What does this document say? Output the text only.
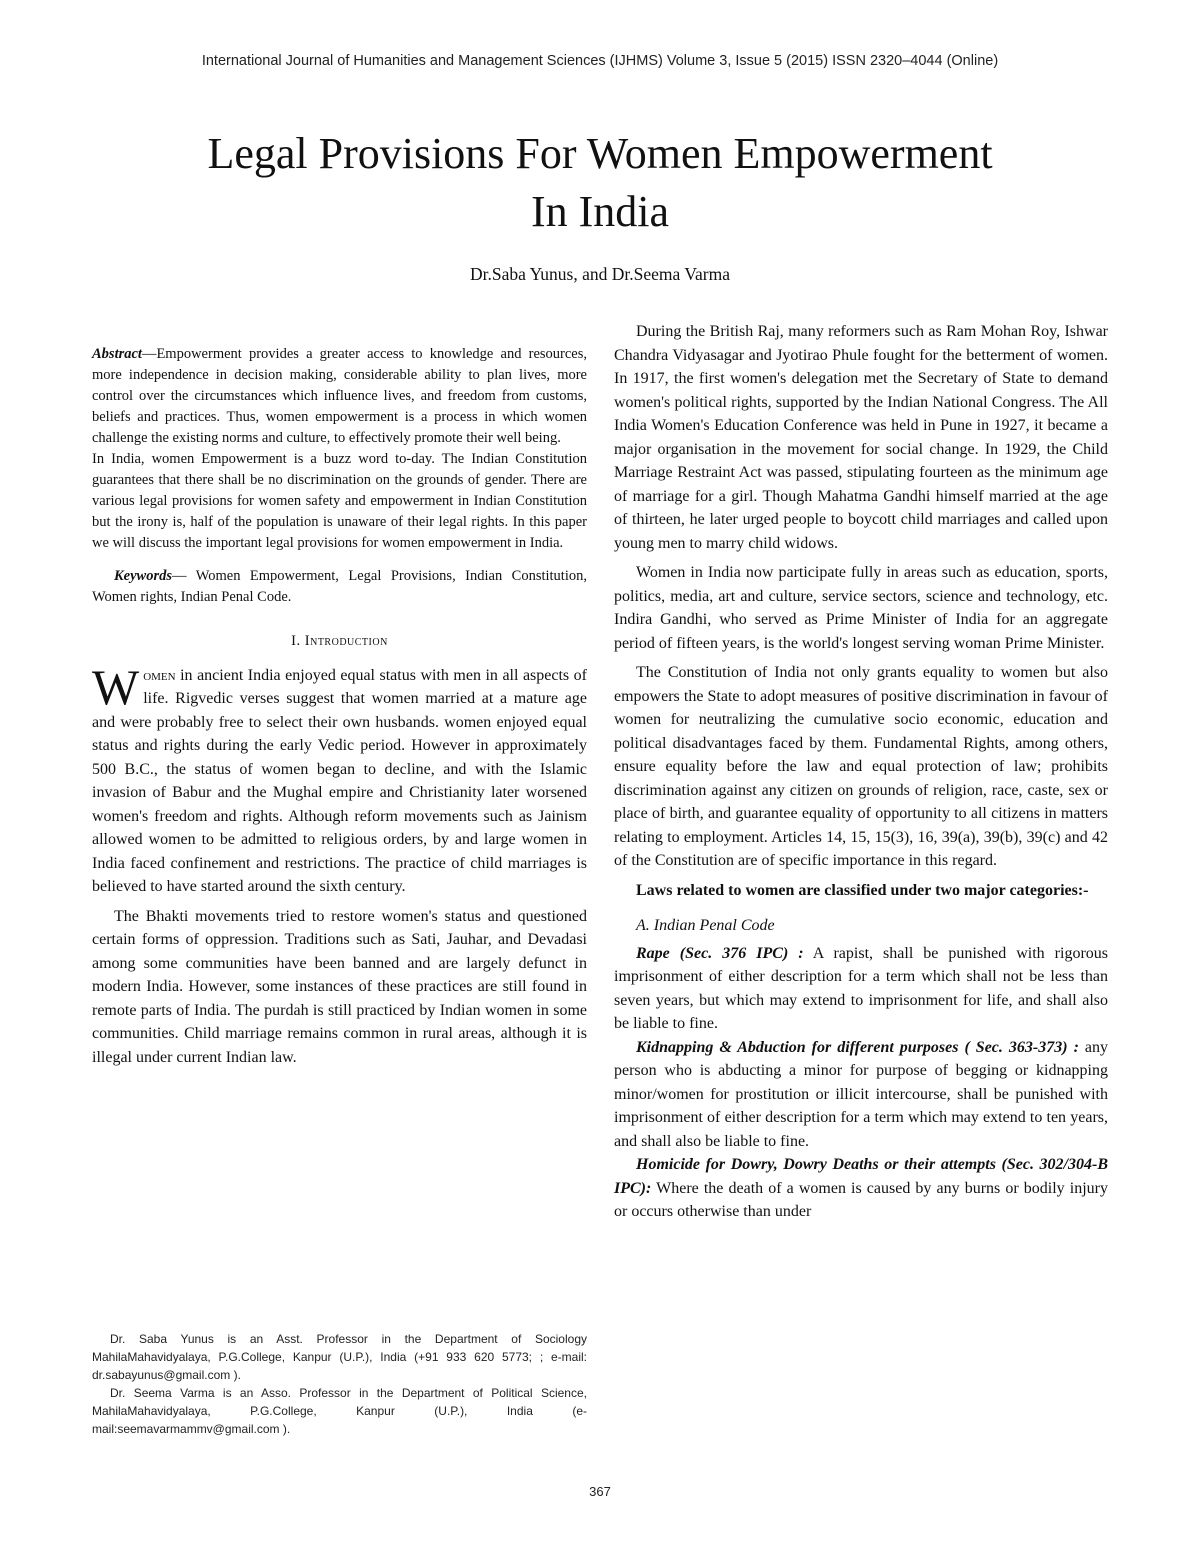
International Journal of Humanities and Management Sciences (IJHMS) Volume 3, Issue 5 (2015) ISSN 2320–4044 (Online)
Legal Provisions For Women Empowerment
In India
Dr.Saba Yunus, and Dr.Seema Varma

Abstract—Empowerment provides a greater access to knowledge and resources, more independence in decision making, considerable ability to plan lives, more control over the circumstances which influence lives, and freedom from customs, beliefs and practices. Thus, women empowerment is a process in which women challenge the existing norms and culture, to effectively promote their well being.

In India, women Empowerment is a buzz word to-day. The Indian Constitution guarantees that there shall be no discrimination on the grounds of gender. There are various legal provisions for women safety and empowerment in Indian Constitution but the irony is, half of the population is unaware of their legal rights. In this paper we will discuss the important legal provisions for women empowerment in India.

Keywords— Women Empowerment, Legal Provisions, Indian Constitution, Women rights, Indian Penal Code.

I. Introduction

Women in ancient India enjoyed equal status with men in all aspects of life. Rigvedic verses suggest that women married at a mature age and were probably free to select their own husbands. women enjoyed equal status and rights during the early Vedic period. However in approximately 500 B.C., the status of women began to decline, and with the Islamic invasion of Babur and the Mughal empire and Christianity later worsened women's freedom and rights. Although reform movements such as Jainism allowed women to be admitted to religious orders, by and large women in India faced confinement and restrictions. The practice of child marriages is believed to have started around the sixth century.

The Bhakti movements tried to restore women's status and questioned certain forms of oppression. Traditions such as Sati, Jauhar, and Devadasi among some communities have been banned and are largely defunct in modern India. However, some instances of these practices are still found in remote parts of India. The purdah is still practiced by Indian women in some communities. Child marriage remains common in rural areas, although it is illegal under current Indian law.

During the British Raj, many reformers such as Ram Mohan Roy, Ishwar Chandra Vidyasagar and Jyotirao Phule fought for the betterment of women. In 1917, the first women's delegation met the Secretary of State to demand women's political rights, supported by the Indian National Congress. The All India Women's Education Conference was held in Pune in 1927, it became a major organisation in the movement for social change. In 1929, the Child Marriage Restraint Act was passed, stipulating fourteen as the minimum age of marriage for a girl. Though Mahatma Gandhi himself married at the age of thirteen, he later urged people to boycott child marriages and called upon young men to marry child widows.

Women in India now participate fully in areas such as education, sports, politics, media, art and culture, service sectors, science and technology, etc. Indira Gandhi, who served as Prime Minister of India for an aggregate period of fifteen years, is the world's longest serving woman Prime Minister.

The Constitution of India not only grants equality to women but also empowers the State to adopt measures of positive discrimination in favour of women for neutralizing the cumulative socio economic, education and political disadvantages faced by them. Fundamental Rights, among others, ensure equality before the law and equal protection of law; prohibits discrimination against any citizen on grounds of religion, race, caste, sex or place of birth, and guarantee equality of opportunity to all citizens in matters relating to employment. Articles 14, 15, 15(3), 16, 39(a), 39(b), 39(c) and 42 of the Constitution are of specific importance in this regard.

Laws related to women are classified under two major categories:-

A. Indian Penal Code

Rape (Sec. 376 IPC) : A rapist, shall be punished with rigorous imprisonment of either description for a term which shall not be less than seven years, but which may extend to imprisonment for life, and shall also be liable to fine.

Kidnapping & Abduction for different purposes ( Sec. 363-373) : any person who is abducting a minor for purpose of begging or kidnapping minor/women for prostitution or illicit intercourse, shall be punished with imprisonment of either description for a term which may extend to ten years, and shall also be liable to fine.

Homicide for Dowry, Dowry Deaths or their attempts (Sec. 302/304-B IPC): Where the death of a women is caused by any burns or bodily injury or occurs otherwise than under

Dr. Saba Yunus is an Asst. Professor in the Department of Sociology MahilaMahavidyalaya, P.G.College, Kanpur (U.P.), India (+91 933 620 5773; ; e-mail: dr.sabayunus@gmail.com ).

Dr. Seema Varma is an Asso. Professor in the Department of Political Science, MahilaMahavidyalaya, P.G.College, Kanpur (U.P.), India (e-mail:seemavarmammv@gmail.com ).

367
